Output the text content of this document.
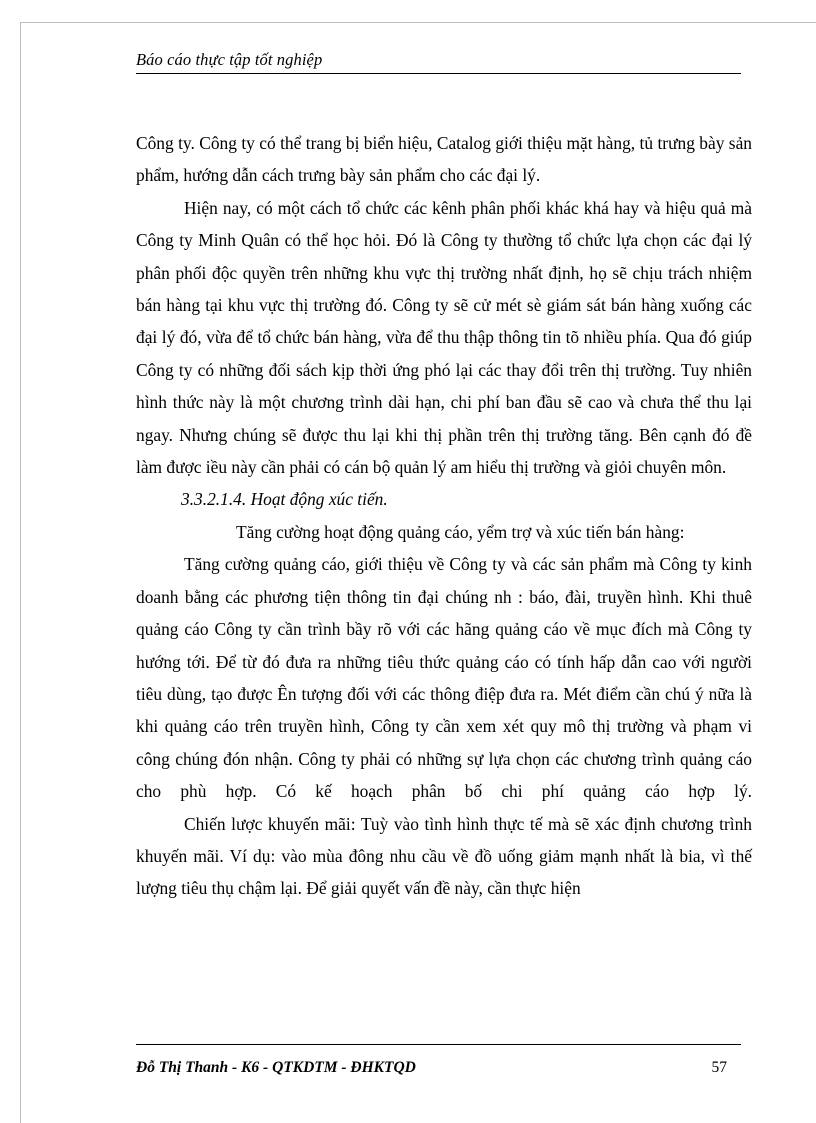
Báo cáo thực tập tốt nghiệp

Công ty. Công ty có thể trang bị biển hiệu, Catalog giới thiệu mặt hàng, tủ trưng bày sản phẩm, hướng dẫn cách trưng bày sản phẩm cho các đại lý.

Hiện nay, có một cách tổ chức các kênh phân phối khác khá hay và hiệu quả mà Công ty Minh Quân có thể học hỏi. Đó là Công ty thường tổ chức lựa chọn các đại lý phân phối độc quyền trên những khu vực thị trường nhất định, họ sẽ chịu trách nhiệm bán hàng tại khu vực thị trường đó. Công ty sẽ cử mét sè giám sát bán hàng xuống các đại lý đó, vừa để tổ chức bán hàng, vừa để thu thập thông tin tõ nhiều phía. Qua đó giúp Công ty có những đối sách kịp thời ứng phó lại các thay đổi trên thị trường. Tuy nhiên hình thức này là một chương trình dài hạn, chi phí ban đầu sẽ cao và chưa thể thu lại ngay. Nhưng chúng sẽ được thu lại khi thị phần trên thị trường tăng. Bên cạnh đó đề làm được iều này cần phải có cán bộ quản lý am hiểu thị trường và giỏi chuyên môn.

3.3.2.1.4. Hoạt động xúc tiến.

Tăng cường hoạt động quảng cáo, yểm trợ và xúc tiến bán hàng:

Tăng cường quảng cáo, giới thiệu về Công ty và các sản phẩm mà Công ty kinh doanh bằng các phương tiện thông tin đại chúng nh : báo, đài, truyền hình. Khi thuê quảng cáo Công ty cần trình bầy rõ với các hãng quảng cáo về mục đích mà Công ty hướng tới. Để từ đó đưa ra những tiêu thức quảng cáo có tính hấp dẫn cao với người tiêu dùng, tạo được Ên tượng đối với các thông điệp đưa ra. Mét điểm cần chú ý nữa là khi quảng cáo trên truyền hình, Công ty cần xem xét quy mô thị trường và phạm vi công chúng đón nhận. Công ty phải có những sự lựa chọn các chương trình quảng cáo cho phù hợp. Có kế hoạch phân bố chi phí quảng cáo hợp lý.

Chiến lược khuyến mãi: Tuỳ vào tình hình thực tế mà sẽ xác định chương trình khuyến mãi. Ví dụ: vào mùa đông nhu cầu về đồ uống giảm mạnh nhất là bia, vì thế lượng tiêu thụ chậm lại. Để giải quyết vấn đề này, cần thực hiện

Đỗ Thị Thanh - K6 - QTKDTM - ĐHKTQD	57
